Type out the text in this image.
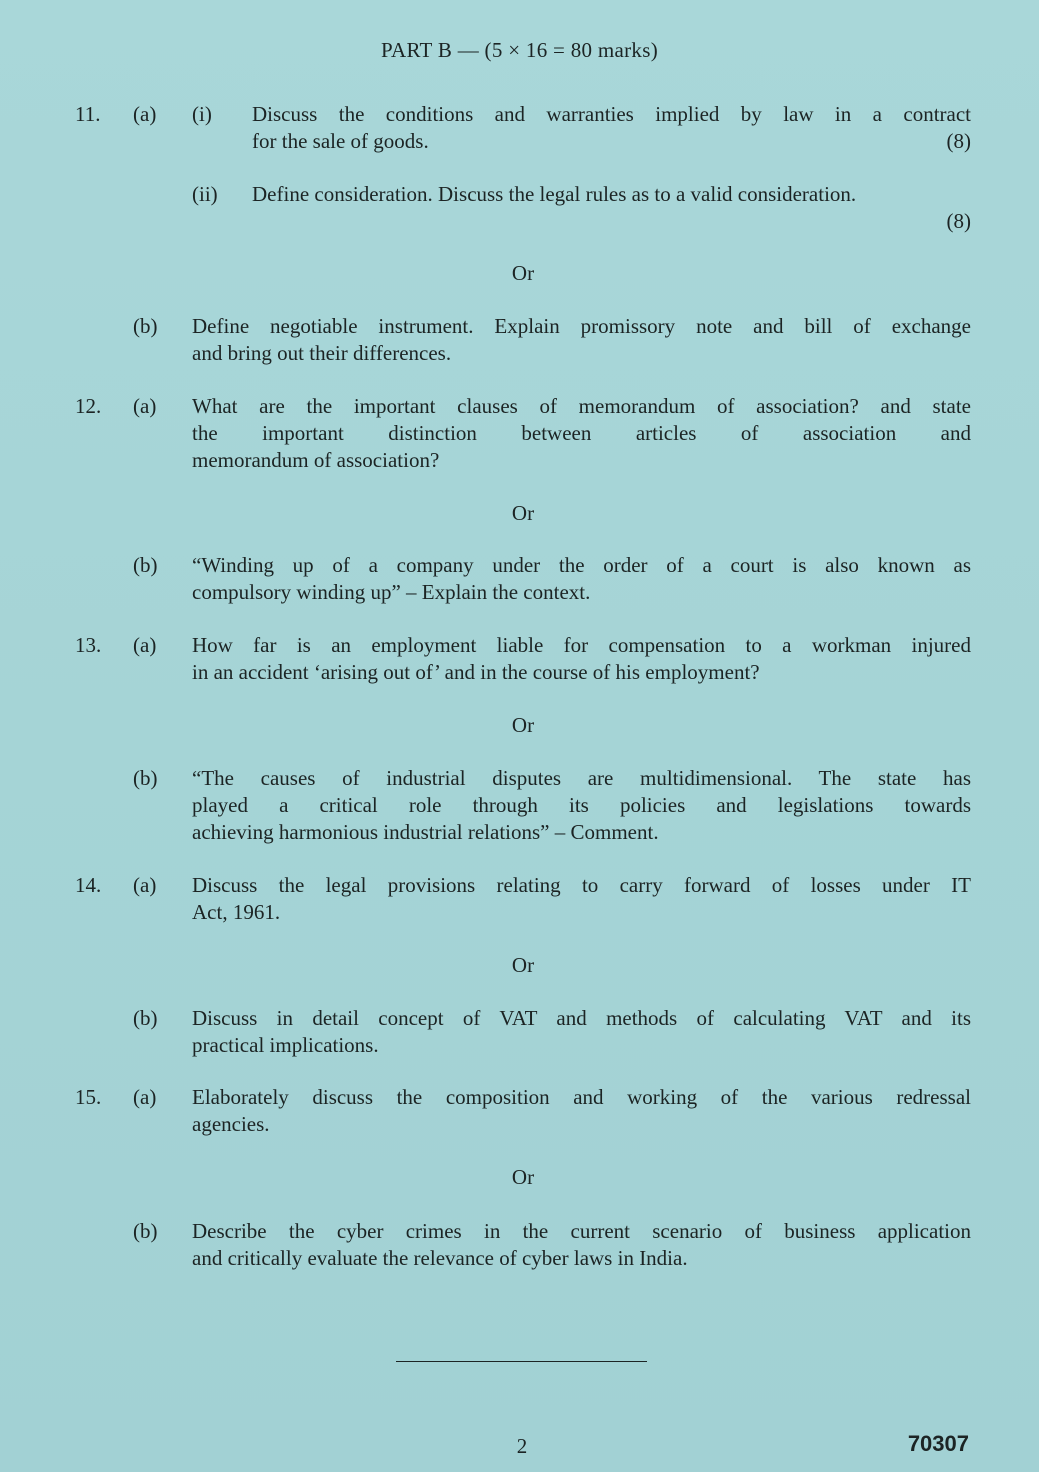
PART B — (5 × 16 = 80 marks)
11. (a) (i) Discuss the conditions and warranties implied by law in a contract
for the sale of goods.	(8)
(ii) Define consideration. Discuss the legal rules as to a valid consideration.
(8)
Or
(b) Define negotiable instrument. Explain promissory note and bill of exchange
and bring out their differences.
12. (a) What are the important clauses of memorandum of association? and state
the important distinction between articles of association and
memorandum of association?
Or
(b) “Winding up of a company under the order of a court is also known as
compulsory winding up” – Explain the context.
13. (a) How far is an employment liable for compensation to a workman injured
in an accident ‘arising out of’ and in the course of his employment?
Or
(b) “The causes of industrial disputes are multidimensional. The state has
played a critical role through its policies and legislations towards
achieving harmonious industrial relations” – Comment.
14. (a) Discuss the legal provisions relating to carry forward of losses under IT
Act, 1961.
Or
(b) Discuss in detail concept of VAT and methods of calculating VAT and its
practical implications.
15. (a) Elaborately discuss the composition and working of the various redressal
agencies.
Or
(b) Describe the cyber crimes in the current scenario of business application
and critically evaluate the relevance of cyber laws in India.
2	70307
